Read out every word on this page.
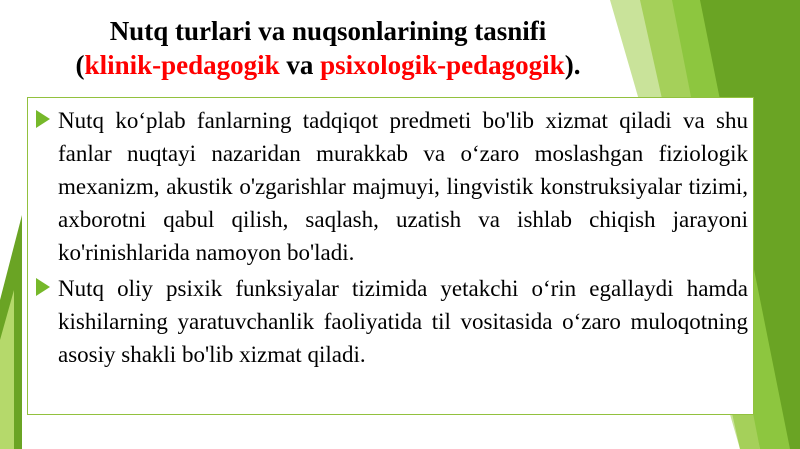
Nutq turlari va nuqsonlarining tasnifi
(klinik-pedagogik va psixologik-pedagogik).
Nutq koʻplab fanlarning tadqiqot predmeti bo'lib xizmat qiladi va shu fanlar nuqtayi nazaridan murakkab va oʻzaro moslashgan fiziologik mexanizm, akustik o'zgarishlar majmuyi, lingvistik konstruksiyalar tizimi, axborotni qabul qilish, saqlash, uzatish va ishlab chiqish jarayoni ko'rinishlarida namoyon bo'ladi.
Nutq oliy psixik funksiyalar tizimida yetakchi oʻrin egallaydi hamda kishilarning yaratuvchanlik faoliyatida til vositasida oʻzaro muloqotning asosiy shakli bo'lib xizmat qiladi.
